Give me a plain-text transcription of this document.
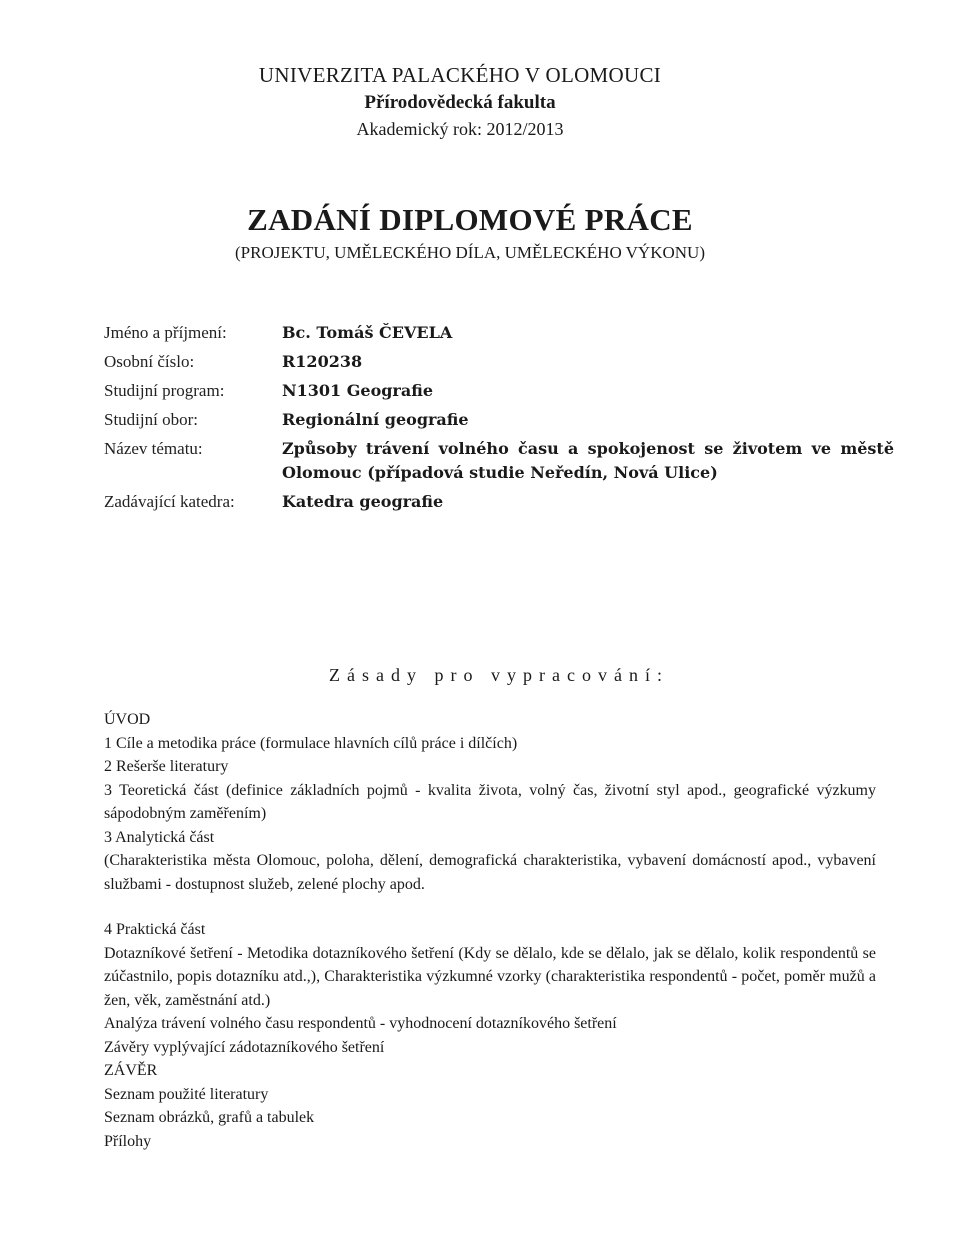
UNIVERZITA PALACKÉHO V OLOMOUCI
Přírodovědecká fakulta
Akademický rok: 2012/2013
ZADÁNÍ DIPLOMOVÉ PRÁCE
(PROJEKTU, UMĚLECKÉHO DÍLA, UMĚLECKÉHO VÝKONU)
Jméno a příjmení:	Bc. Tomáš ČEVELA
Osobní číslo:	R120238
Studijní program:	N1301 Geografie
Studijní obor:	Regionální geografie
Název tématu:	Způsoby trávení volného času a spokojenost se životem ve městě Olomouc (případová studie Neředín, Nová Ulice)
Zadávající katedra:	Katedra geografie
Zásady pro vypracování:
ÚVOD
1 Cíle a metodika práce (formulace hlavních cílů práce i dílčích)
2 Rešerše literatury
3 Teoretická část (definice základních pojmů - kvalita života, volný čas, životní styl apod., geografické výzkumy sápodobným zaměřením)
3 Analytická část
(Charakteristika města Olomouc, poloha, dělení, demografická charakteristika, vybavení domácností apod., vybavení službami - dostupnost služeb, zelené plochy apod.
4 Praktická část
Dotazníkové šetření - Metodika dotazníkového šetření (Kdy se dělalo, kde se dělalo, jak se dělalo, kolik respondentů se zúčastnilo, popis dotazníku atd.,), Charakteristika výzkumné vzorky (charakteristika respondentů - počet, poměr mužů a žen, věk, zaměstnání atd.)
Analýza trávení volného času respondentů - vyhodnocení dotazníkového šetření
Závěry vyplývající zádotazníkového šetření
ZÁVĚR
Seznam použité literatury
Seznam obrázků, grafů a tabulek
Přílohy
